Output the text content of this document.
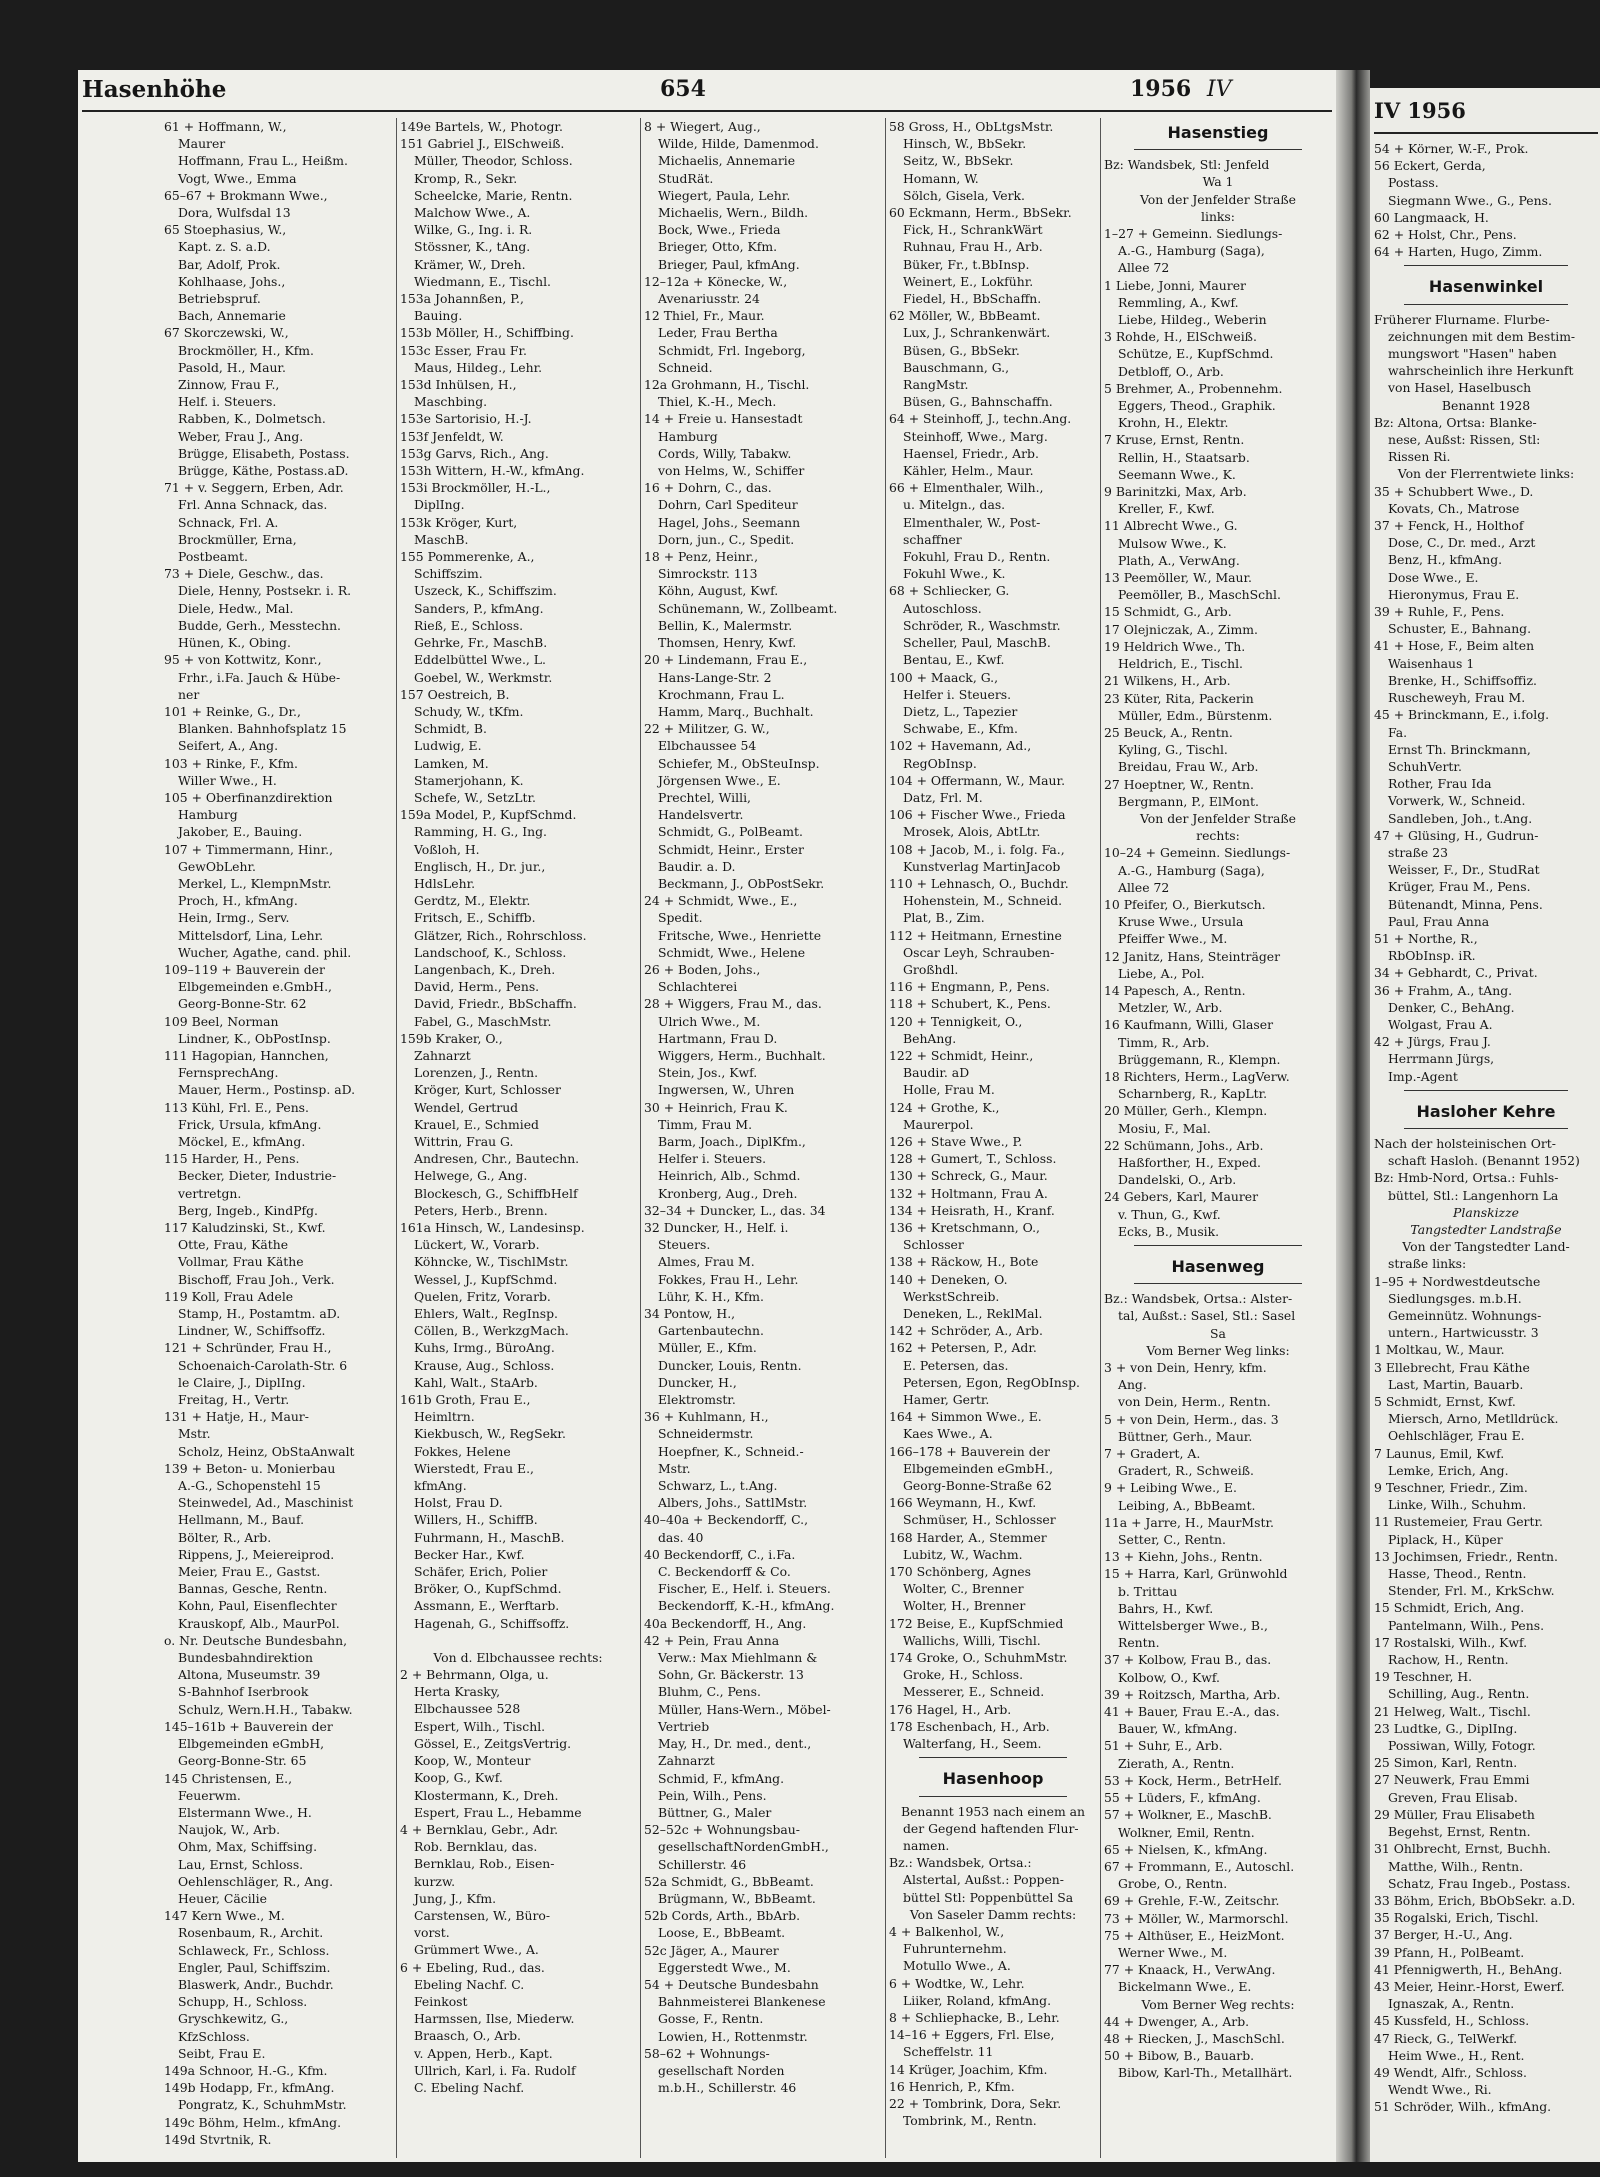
Hasenhöhe	654	1956 IV
61 + Hoffmann, W.,
Maurer
Hoffmann, Frau L., Heißm.
Vogt, Wwe., Emma
65–67 + Brokmann Wwe.,
Dora, Wulfsdal 13
65 Stoephasius, W.,
Kapt. z. S. a.D.
Bar, Adolf, Prok.
Kohlhaase, Johs.,
Betriebspruf.
Bach, Annemarie
67 Skorczewski, W.,
Brockmöller, H., Kfm.
Pasold, H., Maur.
Zinnow, Frau F.,
Helf. i. Steuers.
Rabben, K., Dolmetsch.
Weber, Frau J., Ang.
Brügge, Elisabeth, Postass.
Brügge, Käthe, Postass.aD.
71 + v. Seggern, Erben, Adr.
Frl. Anna Schnack, das.
Schnack, Frl. A.
Brockmüller, Erna,
Postbeamt.
73 + Diele, Geschw., das.
Diele, Henny, Postsekr. i. R.
Diele, Hedw., Mal.
Budde, Gerh., Messtechn.
Hünen, K., Obing.
95 + von Kottwitz, Konr.,
Frhr., i.Fa. Jauch & Hübe-
ner
101 + Reinke, G., Dr.,
Blanken. Bahnhofsplatz 15
Seifert, A., Ang.
103 + Rinke, F., Kfm.
Willer Wwe., H.
105 + Oberfinanzdirektion
Hamburg
Jakober, E., Bauing.
107 + Timmermann, Hinr.,
GewObLehr.
Merkel, L., KlempnMstr.
Proch, H., kfmAng.
Hein, Irmg., Serv.
Mittelsdorf, Lina, Lehr.
Wucher, Agathe, cand. phil.
109–119 + Bauverein der
Elbgemeinden e.GmbH.,
Georg-Bonne-Str. 62
109 Beel, Norman
Lindner, K., ObPostInsp.
111 Hagopian, Hannchen,
FernsprechAng.
Mauer, Herm., Postinsp. aD.
113 Kühl, Frl. E., Pens.
Frick, Ursula, kfmAng.
Möckel, E., kfmAng.
115 Harder, H., Pens.
Becker, Dieter, Industrie-
vertretgn.
Berg, Ingeb., KindPfg.
117 Kaludzinski, St., Kwf.
Otte, Frau, Käthe
Vollmar, Frau Käthe
Bischoff, Frau Joh., Verk.
119 Koll, Frau Adele
Stamp, H., Postamtm. aD.
Lindner, W., Schiffsoffz.
121 + Schründer, Frau H.,
Schoenaich-Carolath-Str. 6
le Claire, J., DiplIng.
Freitag, H., Vertr.
131 + Hatje, H., Maur-
Mstr.
Scholz, Heinz, ObStaAnwalt
139 + Beton- u. Monierbau
A.-G., Schopenstehl 15
Steinwedel, Ad., Maschinist
Hellmann, M., Bauf.
Bölter, R., Arb.
Rippens, J., Meiereiprod.
Meier, Frau E., Gastst.
Bannas, Gesche, Rentn.
Kohn, Paul, Eisenflechter
Krauskopf, Alb., MaurPol.
o. Nr. Deutsche Bundesbahn,
Bundesbahndirektion
Altona, Museumstr. 39
S-Bahnhof Iserbrook
Schulz, Wern.H.H., Tabakw.
145–161b + Bauverein der
Elbgemeinden eGmbH,
Georg-Bonne-Str. 65
145 Christensen, E.,
Feuerwm.
Elstermann Wwe., H.
Naujok, W., Arb.
Ohm, Max, Schiffsing.
Lau, Ernst, Schloss.
Oehlenschläger, R., Ang.
Heuer, Cäcilie
147 Kern Wwe., M.
Rosenbaum, R., Archit.
Schlaweck, Fr., Schloss.
Engler, Paul, Schiffszim.
Blaswerk, Andr., Buchdr.
Schupp, H., Schloss.
Gryschkewitz, G.,
KfzSchloss.
Seibt, Frau E.
149a Schnoor, H.-G., Kfm.
149b Hodapp, Fr., kfmAng.
Pongratz, K., SchuhmMstr.
149c Böhm, Helm., kfmAng.
149d Stvrtnik, R.
149e Bartels, W., Photogr.
151 Gabriel J., ElSchweiß.
Müller, Theodor, Schloss.
Kromp, R., Sekr.
Scheelcke, Marie, Rentn.
Malchow Wwe., A.
Wilke, G., Ing. i. R.
Stössner, K., tAng.
Krämer, W., Dreh.
Wiedmann, E., Tischl.
153a Johannßen, P.,
Bauing.
153b Möller, H., Schiffbing.
153c Esser, Frau Fr.
Maus, Hildeg., Lehr.
153d Inhülsen, H.,
Maschbing.
153e Sartorisio, H.-J.
153f Jenfeldt, W.
153g Garvs, Rich., Ang.
153h Wittern, H.-W., kfmAng.
153i Brockmöller, H.-L.,
DiplIng.
153k Kröger, Kurt,
MaschB.
155 Pommerenke, A.,
Schiffszim.
Uszeck, K., Schiffszim.
Sanders, P., kfmAng.
Rieß, E., Schloss.
Gehrke, Fr., MaschB.
Eddelbüttel Wwe., L.
Goebel, W., Werkmstr.
157 Oestreich, B.
Schudy, W., tKfm.
Schmidt, B.
Ludwig, E.
Lamken, M.
Stamerjohann, K.
Schefe, W., SetzLtr.
159a Model, P., KupfSchmd.
Ramming, H. G., Ing.
Voßloh, H.
Englisch, H., Dr. jur.,
HdlsLehr.
Gerdtz, M., Elektr.
Fritsch, E., Schiffb.
Glätzer, Rich., Rohrschloss.
Landschoof, K., Schloss.
Langenbach, K., Dreh.
David, Herm., Pens.
David, Friedr., BbSchaffn.
Fabel, G., MaschMstr.
159b Kraker, O.,
Zahnarzt
Lorenzen, J., Rentn.
Kröger, Kurt, Schlosser
Wendel, Gertrud
Krauel, E., Schmied
Wittrin, Frau G.
Andresen, Chr., Bautechn.
Helwege, G., Ang.
Blockesch, G., SchiffbHelf
Peters, Herb., Brenn.
161a Hinsch, W., Landesinsp.
Lückert, W., Vorarb.
Köhncke, W., TischlMstr.
Wessel, J., KupfSchmd.
Quelen, Fritz, Vorarb.
Ehlers, Walt., RegInsp.
Cöllen, B., WerkzgMach.
Kuhs, Irmg., BüroAng.
Krause, Aug., Schloss.
Kahl, Walt., StaArb.
161b Groth, Frau E.,
Heimltrn.
Kiekbusch, W., RegSekr.
Fokkes, Helene
Wierstedt, Frau E.,
kfmAng.
Holst, Frau D.
Willers, H., SchiffB.
Fuhrmann, H., MaschB.
Becker Har., Kwf.
Schäfer, Erich, Polier
Bröker, O., KupfSchmd.
Assmann, E., Werftarb.
Hagenah, G., Schiffsoffz.
Von d. Elbchaussee rechts:
2 + Behrmann, Olga, u.
Herta Krasky,
Elbchaussee 528
Espert, Wilh., Tischl.
Gössel, E., ZeitgsVertrig.
Koop, W., Monteur
Koop, G., Kwf.
Klostermann, K., Dreh.
Espert, Frau L., Hebamme
4 + Bernklau, Gebr., Adr.
Rob. Bernklau, das.
Bernklau, Rob., Eisen-
kurzw.
Jung, J., Kfm.
Carstensen, W., Büro-
vorst.
Grümmert Wwe., A.
6 + Ebeling, Rud., das.
Ebeling Nachf. C.
Feinkost
Harmssen, Ilse, Miederw.
Braasch, O., Arb.
v. Appen, Herb., Kapt.
Ullrich, Karl, i. Fa. Rudolf
C. Ebeling Nachf.
8 + Wiegert, Aug.,
Wilde, Hilde, Damenmod.
Michaelis, Annemarie
StudRät.
Wiegert, Paula, Lehr.
Michaelis, Wern., Bildh.
Bock, Wwe., Frieda
Brieger, Otto, Kfm.
Brieger, Paul, kfmAng.
12–12a + Könecke, W.,
Avenariusstr. 24
12 Thiel, Fr., Maur.
Leder, Frau Bertha
Schmidt, Frl. Ingeborg,
Schneid.
12a Grohmann, H., Tischl.
Thiel, K.-H., Mech.
14 + Freie u. Hansestadt
Hamburg
Cords, Willy, Tabakw.
von Helms, W., Schiffer
16 + Dohrn, C., das.
Dohrn, Carl Spediteur
Hagel, Johs., Seemann
Dorn, jun., C., Spedit.
18 + Penz, Heinr.,
Simrockstr. 113
Köhn, August, Kwf.
Schünemann, W., Zollbeamt.
Bellin, K., Malermstr.
Thomsen, Henry, Kwf.
20 + Lindemann, Frau E.,
Hans-Lange-Str. 2
Krochmann, Frau L.
Hamm, Marq., Buchhalt.
22 + Militzer, G. W.,
Elbchaussee 54
Schiefer, M., ObSteuInsp.
Jörgensen Wwe., E.
Prechtel, Willi,
Handelsvertr.
Schmidt, G., PolBeamt.
Schmidt, Heinr., Erster
Baudir. a. D.
Beckmann, J., ObPostSekr.
24 + Schmidt, Wwe., E.,
Spedit.
Fritsche, Wwe., Henriette
Schmidt, Wwe., Helene
26 + Boden, Johs.,
Schlachterei
28 + Wiggers, Frau M., das.
Ulrich Wwe., M.
Hartmann, Frau D.
Wiggers, Herm., Buchhalt.
Stein, Jos., Kwf.
Ingwersen, W., Uhren
30 + Heinrich, Frau K.
Timm, Frau M.
Barm, Joach., DiplKfm.,
Helfer i. Steuers.
Heinrich, Alb., Schmd.
Kronberg, Aug., Dreh.
32–34 + Duncker, L., das. 34
32 Duncker, H., Helf. i.
Steuers.
Almes, Frau M.
Fokkes, Frau H., Lehr.
Lühr, K. H., Kfm.
34 Pontow, H.,
Gartenbautechn.
Müller, E., Kfm.
Duncker, Louis, Rentn.
Duncker, H.,
Elektromstr.
36 + Kuhlmann, H.,
Schneidermstr.
Hoepfner, K., Schneid.-
Mstr.
Schwarz, L., t.Ang.
Albers, Johs., SattlMstr.
40–40a + Beckendorff, C.,
das. 40
40 Beckendorff, C., i.Fa.
C. Beckendorff & Co.
Fischer, E., Helf. i. Steuers.
Beckendorff, K.-H., kfmAng.
40a Beckendorff, H., Ang.
42 + Pein, Frau Anna
Verw.: Max Miehlmann &
Sohn, Gr. Bäckerstr. 13
Bluhm, C., Pens.
Müller, Hans-Wern., Möbel-
Vertrieb
May, H., Dr. med., dent.,
Zahnarzt
Schmid, F., kfmAng.
Pein, Wilh., Pens.
Büttner, G., Maler
52–52c + Wohnungsbau-
gesellschaftNordenGmbH.,
Schillerstr. 46
52a Schmidt, G., BbBeamt.
Brügmann, W., BbBeamt.
52b Cords, Arth., BbArb.
Loose, E., BbBeamt.
52c Jäger, A., Maurer
Eggerstedt Wwe., M.
54 + Deutsche Bundesbahn
Bahnmeisterei Blankenese
Gosse, F., Rentn.
Lowien, H., Rottenmstr.
58–62 + Wohnungs-
gesellschaft Norden
m.b.H., Schillerstr. 46
58 Gross, H., ObLtgsMstr.
Hinsch, W., BbSekr.
Seitz, W., BbSekr.
Homann, W.
Sölch, Gisela, Verk.
60 Eckmann, Herm., BbSekr.
Fick, H., SchrankWärt
Ruhnau, Frau H., Arb.
Büker, Fr., t.BbInsp.
Weinert, E., Lokführ.
Fiedel, H., BbSchaffn.
62 Möller, W., BbBeamt.
Lux, J., Schrankenwärt.
Büsen, G., BbSekr.
Bauschmann, G.,
RangMstr.
Büsen, G., Bahnschaffn.
64 + Steinhoff, J., techn.Ang.
Steinhoff, Wwe., Marg.
Haensel, Friedr., Arb.
Kähler, Helm., Maur.
66 + Elmenthaler, Wilh.,
u. Mitelgn., das.
Elmenthaler, W., Post-
schaffner
Fokuhl, Frau D., Rentn.
Fokuhl Wwe., K.
68 + Schliecker, G.
Autoschloss.
Schröder, R., Waschmstr.
Scheller, Paul, MaschB.
Bentau, E., Kwf.
100 + Maack, G.,
Helfer i. Steuers.
Dietz, L., Tapezier
Schwabe, E., Kfm.
102 + Havemann, Ad.,
RegObInsp.
104 + Offermann, W., Maur.
Datz, Frl. M.
106 + Fischer Wwe., Frieda
Mrosek, Alois, AbtLtr.
108 + Jacob, M., i. folg. Fa.,
Kunstverlag MartinJacob
110 + Lehnasch, O., Buchdr.
Hohenstein, M., Schneid.
Plat, B., Zim.
112 + Heitmann, Ernestine
Oscar Leyh, Schrauben-
Großhdl.
116 + Engmann, P., Pens.
118 + Schubert, K., Pens.
120 + Tennigkeit, O.,
BehAng.
122 + Schmidt, Heinr.,
Baudir. aD
Holle, Frau M.
124 + Grothe, K.,
Maurerpol.
126 + Stave Wwe., P.
128 + Gumert, T., Schloss.
130 + Schreck, G., Maur.
132 + Holtmann, Frau A.
134 + Heisrath, H., Kranf.
136 + Kretschmann, O.,
Schlosser
138 + Räckow, H., Bote
140 + Deneken, O.
WerkstSchreib.
Deneken, L., ReklMal.
142 + Schröder, A., Arb.
162 + Petersen, P., Adr.
E. Petersen, das.
Petersen, Egon, RegObInsp.
Hamer, Gertr.
164 + Simmon Wwe., E.
Kaes Wwe., A.
166–178 + Bauverein der
Elbgemeinden eGmbH.,
Georg-Bonne-Straße 62
166 Weymann, H., Kwf.
Schmüser, H., Schlosser
168 Harder, A., Stemmer
Lubitz, W., Wachm.
170 Schönberg, Agnes
Wolter, C., Brenner
Wolter, H., Brenner
172 Beise, E., KupfSchmied
Wallichs, Willi, Tischl.
174 Groke, O., SchuhmMstr.
Groke, H., Schloss.
Messerer, E., Schneid.
176 Hagel, H., Arb.
178 Eschenbach, H., Arb.
Walterfang, H., Seem.
Hasenhoop
Benannt 1953 nach einem an
der Gegend haftenden Flur-
namen.
Bz.: Wandsbek, Ortsa.:
Alstertal, Außst.: Poppen-
büttel Stl: Poppenbüttel Sa
Von Saseler Damm rechts:
4 + Balkenhol, W.,
Fuhrunternehm.
Motullo Wwe., A.
6 + Wodtke, W., Lehr.
Liiker, Roland, kfmAng.
8 + Schliephacke, B., Lehr.
14–16 + Eggers, Frl. Else,
Scheffelstr. 11
14 Krüger, Joachim, Kfm.
16 Henrich, P., Kfm.
22 + Tombrink, Dora, Sekr.
Tombrink, M., Rentn.
Hasenstieg
Bz: Wandsbek, Stl: Jenfeld
Wa 1
Von der Jenfelder Straße
links:
1–27 + Gemeinn. Siedlungs-
A.-G., Hamburg (Saga),
Allee 72
1 Liebe, Jonni, Maurer
Remmling, A., Kwf.
Liebe, Hildeg., Weberin
3 Rohde, H., ElSchweiß.
Schütze, E., KupfSchmd.
Detbloff, O., Arb.
5 Brehmer, A., Probennehm.
Eggers, Theod., Graphik.
Krohn, H., Elektr.
7 Kruse, Ernst, Rentn.
Rellin, H., Staatsarb.
Seemann Wwe., K.
9 Barinitzki, Max, Arb.
Kreller, F., Kwf.
11 Albrecht Wwe., G.
Mulsow Wwe., K.
Plath, A., VerwAng.
13 Peemöller, W., Maur.
Peemöller, B., MaschSchl.
15 Schmidt, G., Arb.
17 Olejniczak, A., Zimm.
19 Heldrich Wwe., Th.
Heldrich, E., Tischl.
21 Wilkens, H., Arb.
23 Küter, Rita, Packerin
Müller, Edm., Bürstenm.
25 Beuck, A., Rentn.
Kyling, G., Tischl.
Breidau, Frau W., Arb.
27 Hoeptner, W., Rentn.
Bergmann, P., ElMont.
Von der Jenfelder Straße
rechts:
10–24 + Gemeinn. Siedlungs-
A.-G., Hamburg (Saga),
Allee 72
10 Pfeifer, O., Bierkutsch.
Kruse Wwe., Ursula
Pfeiffer Wwe., M.
12 Janitz, Hans, Steinträger
Liebe, A., Pol.
14 Papesch, A., Rentn.
Metzler, W., Arb.
16 Kaufmann, Willi, Glaser
Timm, R., Arb.
Brüggemann, R., Klempn.
18 Richters, Herm., LagVerw.
Scharnberg, R., KapLtr.
20 Müller, Gerh., Klempn.
Mosiu, F., Mal.
22 Schümann, Johs., Arb.
Haßforther, H., Exped.
Dandelski, O., Arb.
24 Gebers, Karl, Maurer
v. Thun, G., Kwf.
Ecks, B., Musik.
Hasenweg
Bz.: Wandsbek, Ortsa.: Alster-
tal, Außst.: Sasel, Stl.: Sasel
Sa
Vom Berner Weg links:
3 + von Dein, Henry, kfm.
Ang.
von Dein, Herm., Rentn.
5 + von Dein, Herm., das. 3
Büttner, Gerh., Maur.
7 + Gradert, A.
Gradert, R., Schweiß.
9 + Leibing Wwe., E.
Leibing, A., BbBeamt.
11a + Jarre, H., MaurMstr.
Setter, C., Rentn.
13 + Kiehn, Johs., Rentn.
15 + Harra, Karl, Grünwohld
b. Trittau
Bahrs, H., Kwf.
Wittelsberger Wwe., B.,
Rentn.
37 + Kolbow, Frau B., das.
Kolbow, O., Kwf.
39 + Roitzsch, Martha, Arb.
41 + Bauer, Frau E.-A., das.
Bauer, W., kfmAng.
51 + Suhr, E., Arb.
Zierath, A., Rentn.
53 + Kock, Herm., BetrHelf.
55 + Lüders, F., kfmAng.
57 + Wolkner, E., MaschB.
Wolkner, Emil, Rentn.
65 + Nielsen, K., kfmAng.
67 + Frommann, E., Autoschl.
Grobe, O., Rentn.
69 + Grehle, F.-W., Zeitschr.
73 + Möller, W., Marmorschl.
75 + Althüser, E., HeizMont.
Werner Wwe., M.
77 + Knaack, H., VerwAng.
Bickelmann Wwe., E.
Vom Berner Weg rechts:
44 + Dwenger, A., Arb.
48 + Riecken, J., MaschSchl.
50 + Bibow, B., Bauarb.
Bibow, Karl-Th., Metallhärt.
IV 1956
54 + Körner, W.-F., Prok.
56 Eckert, Gerda,
Postass.
Siegmann Wwe., G., Pens.
60 Langmaack, H.
62 + Holst, Chr., Pens.
64 + Harten, Hugo, Zimm.
Hasenwinkel
Früherer Flurname. Flurbe-
zeichnungen mit dem Bestim-
mungswort "Hasen" haben
wahrscheinlich ihre Herkunft
von Hasel, Haselbusch
Benannt 1928
Bz: Altona, Ortsa: Blanke-
nese, Außst: Rissen, Stl:
Rissen Ri.
Von der Flerrentwiete links:
35 + Schubbert Wwe., D.
Kovats, Ch., Matrose
37 + Fenck, H., Holthof
Dose, C., Dr. med., Arzt
Benz, H., kfmAng.
Dose Wwe., E.
Hieronymus, Frau E.
39 + Ruhle, F., Pens.
Schuster, E., Bahnang.
41 + Hose, F., Beim alten
Waisenhaus 1
Brenke, H., Schiffsoffiz.
Ruscheweyh, Frau M.
45 + Brinckmann, E., i.folg.
Fa.
Ernst Th. Brinckmann,
SchuhVertr.
Rother, Frau Ida
Vorwerk, W., Schneid.
Sandleben, Joh., t.Ang.
47 + Glüsing, H., Gudrun-
straße 23
Weisser, F., Dr., StudRat
Krüger, Frau M., Pens.
Bütenandt, Minna, Pens.
Paul, Frau Anna
51 + Northe, R.,
RbObInsp. iR.
34 + Gebhardt, C., Privat.
36 + Frahm, A., tAng.
Denker, C., BehAng.
Wolgast, Frau A.
42 + Jürgs, Frau J.
Herrmann Jürgs,
Imp.-Agent
Hasloher Kehre
Nach der holsteinischen Ort-
schaft Hasloh. (Benannt 1952)
Bz: Hmb-Nord, Ortsa.: Fuhls-
büttel, Stl.: Langenhorn La
Planskizze
Tangstedter Landstraße
Von der Tangstedter Land-
straße links:
1–95 + Nordwestdeutsche
Siedlungsges. m.b.H.
Gemeinnütz. Wohnungs-
untern., Hartwicusstr. 3
1 Moltkau, W., Maur.
3 Ellebrecht, Frau Käthe
Last, Martin, Bauarb.
5 Schmidt, Ernst, Kwf.
Miersch, Arno, Metlldrück.
Oehlschläger, Frau E.
7 Launus, Emil, Kwf.
Lemke, Erich, Ang.
9 Teschner, Friedr., Zim.
Linke, Wilh., Schuhm.
11 Rustemeier, Frau Gertr.
Piplack, H., Küper
13 Jochimsen, Friedr., Rentn.
Hasse, Theod., Rentn.
Stender, Frl. M., KrkSchw.
15 Schmidt, Erich, Ang.
Pantelmann, Wilh., Pens.
17 Rostalski, Wilh., Kwf.
Rachow, H., Rentn.
19 Teschner, H.
Schilling, Aug., Rentn.
21 Helweg, Walt., Tischl.
23 Ludtke, G., DiplIng.
Possiwan, Willy, Fotogr.
25 Simon, Karl, Rentn.
27 Neuwerk, Frau Emmi
Greven, Frau Elisab.
29 Müller, Frau Elisabeth
Begehst, Ernst, Rentn.
31 Ohlbrecht, Ernst, Buchh.
Matthe, Wilh., Rentn.
Schatz, Frau Ingeb., Postass.
33 Böhm, Erich, BbObSekr. a.D.
35 Rogalski, Erich, Tischl.
37 Berger, H.-U., Ang.
39 Pfann, H., PolBeamt.
41 Pfennigwerth, H., BehAng.
43 Meier, Heinr.-Horst, Ewerf.
Ignaszak, A., Rentn.
45 Kussfeld, H., Schloss.
47 Rieck, G., TelWerkf.
Heim Wwe., H., Rent.
49 Wendt, Alfr., Schloss.
Wendt Wwe., Ri.
51 Schröder, Wilh., kfmAng.
